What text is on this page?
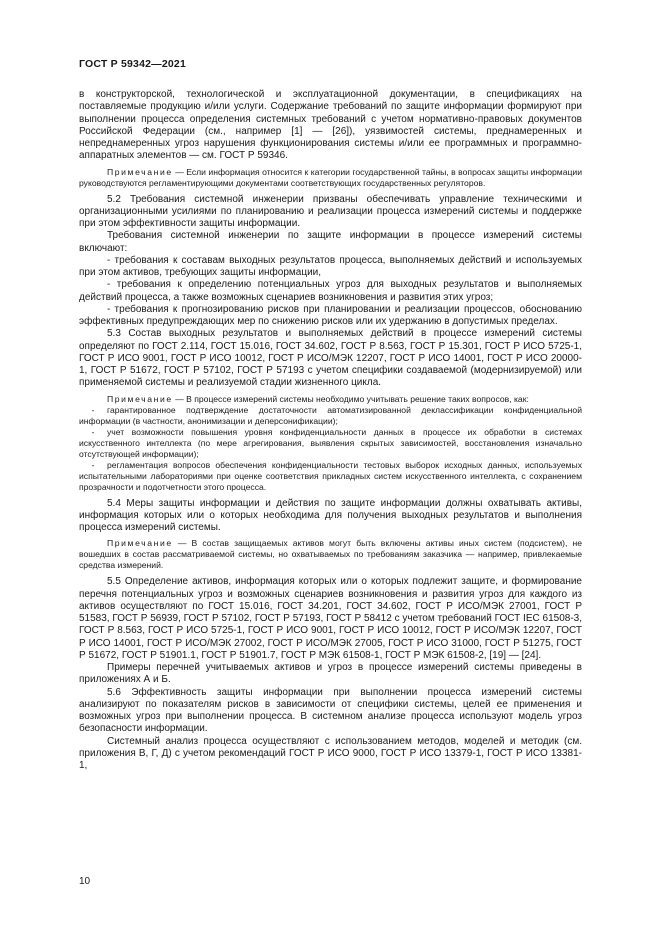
ГОСТ Р 59342—2021

в конструкторской, технологической и эксплуатационной документации, в спецификациях на поставляемые продукцию и/или услуги. Содержание требований по защите информации формируют при выполнении процесса определения системных требований с учетом нормативно-правовых документов Российской Федерации (см., например [1] — [26]), уязвимостей системы, преднамеренных и непреднамеренных угроз нарушения функционирования системы и/или ее программных и программно-аппаратных элементов — см. ГОСТ Р 59346.

Примечание — Если информация относится к категории государственной тайны, в вопросах защиты информации руководствуются регламентирующими документами соответствующих государственных регуляторов.

5.2 Требования системной инженерии призваны обеспечивать управление техническими и организационными усилиями по планированию и реализации процесса измерений системы и поддержке при этом эффективности защиты информации.

Требования системной инженерии по защите информации в процессе измерений системы включают:

- требования к составам выходных результатов процесса, выполняемых действий и используемых при этом активов, требующих защиты информации,

- требования к определению потенциальных угроз для выходных результатов и выполняемых действий процесса, а также возможных сценариев возникновения и развития этих угроз;

- требования к прогнозированию рисков при планировании и реализации процессов, обоснованию эффективных предупреждающих мер по снижению рисков или их удержанию в допустимых пределах.

5.3 Состав выходных результатов и выполняемых действий в процессе измерений системы определяют по ГОСТ 2.114, ГОСТ 15.016, ГОСТ 34.602, ГОСТ Р 8.563, ГОСТ Р 15.301, ГОСТ Р ИСО 5725-1, ГОСТ Р ИСО 9001, ГОСТ Р ИСО 10012, ГОСТ Р ИСО/МЭК 12207, ГОСТ Р ИСО 14001, ГОСТ Р ИСО 20000-1, ГОСТ Р 51672, ГОСТ Р 57102, ГОСТ Р 57193 с учетом специфики создаваемой (модернизируемой) или применяемой системы и реализуемой стадии жизненного цикла.

Примечание — В процессе измерений системы необходимо учитывать решение таких вопросов, как:

- гарантированное подтверждение достаточности автоматизированной деклассификации конфиденциальной информации (в частности, анонимизации и деперсонификации);

- учет возможности повышения уровня конфиденциальности данных в процессе их обработки в системах искусственного интеллекта (по мере агрегирования, выявления скрытых зависимостей, восстановления изначально отсутствующей информации);

- регламентация вопросов обеспечения конфиденциальности тестовых выборок исходных данных, используемых испытательными лабораториями при оценке соответствия прикладных систем искусственного интеллекта, с сохранением прозрачности и подотчетности этого процесса.

5.4 Меры защиты информации и действия по защите информации должны охватывать активы, информация которых или о которых необходима для получения выходных результатов и выполнения процесса измерений системы.

Примечание — В состав защищаемых активов могут быть включены активы иных систем (подсистем), не вошедших в состав рассматриваемой системы, но охватываемых по требованиям заказчика — например, привлекаемые средства измерений.

5.5 Определение активов, информация которых или о которых подлежит защите, и формирование перечня потенциальных угроз и возможных сценариев возникновения и развития угроз для каждого из активов осуществляют по ГОСТ 15.016, ГОСТ 34.201, ГОСТ 34.602, ГОСТ Р ИСО/МЭК 27001, ГОСТ Р 51583, ГОСТ Р 56939, ГОСТ Р 57102, ГОСТ Р 57193, ГОСТ Р 58412 с учетом требований ГОСТ IEC 61508-3, ГОСТ Р 8.563, ГОСТ Р ИСО 5725-1, ГОСТ Р ИСО 9001, ГОСТ Р ИСО 10012, ГОСТ Р ИСО/МЭК 12207, ГОСТ Р ИСО 14001, ГОСТ Р ИСО/МЭК 27002, ГОСТ Р ИСО/МЭК 27005, ГОСТ Р ИСО 31000, ГОСТ Р 51275, ГОСТ Р 51672, ГОСТ Р 51901.1, ГОСТ Р 51901.7, ГОСТ Р МЭК 61508-1, ГОСТ Р МЭК 61508-2, [19] — [24].

Примеры перечней учитываемых активов и угроз в процессе измерений системы приведены в приложениях А и Б.

5.6 Эффективность защиты информации при выполнении процесса измерений системы анализируют по показателям рисков в зависимости от специфики системы, целей ее применения и возможных угроз при выполнении процесса. В системном анализе процесса используют модель угроз безопасности информации.

Системный анализ процесса осуществляют с использованием методов, моделей и методик (см. приложения В, Г, Д) с учетом рекомендаций ГОСТ Р ИСО 9000, ГОСТ Р ИСО 13379-1, ГОСТ Р ИСО 13381-1,

10
